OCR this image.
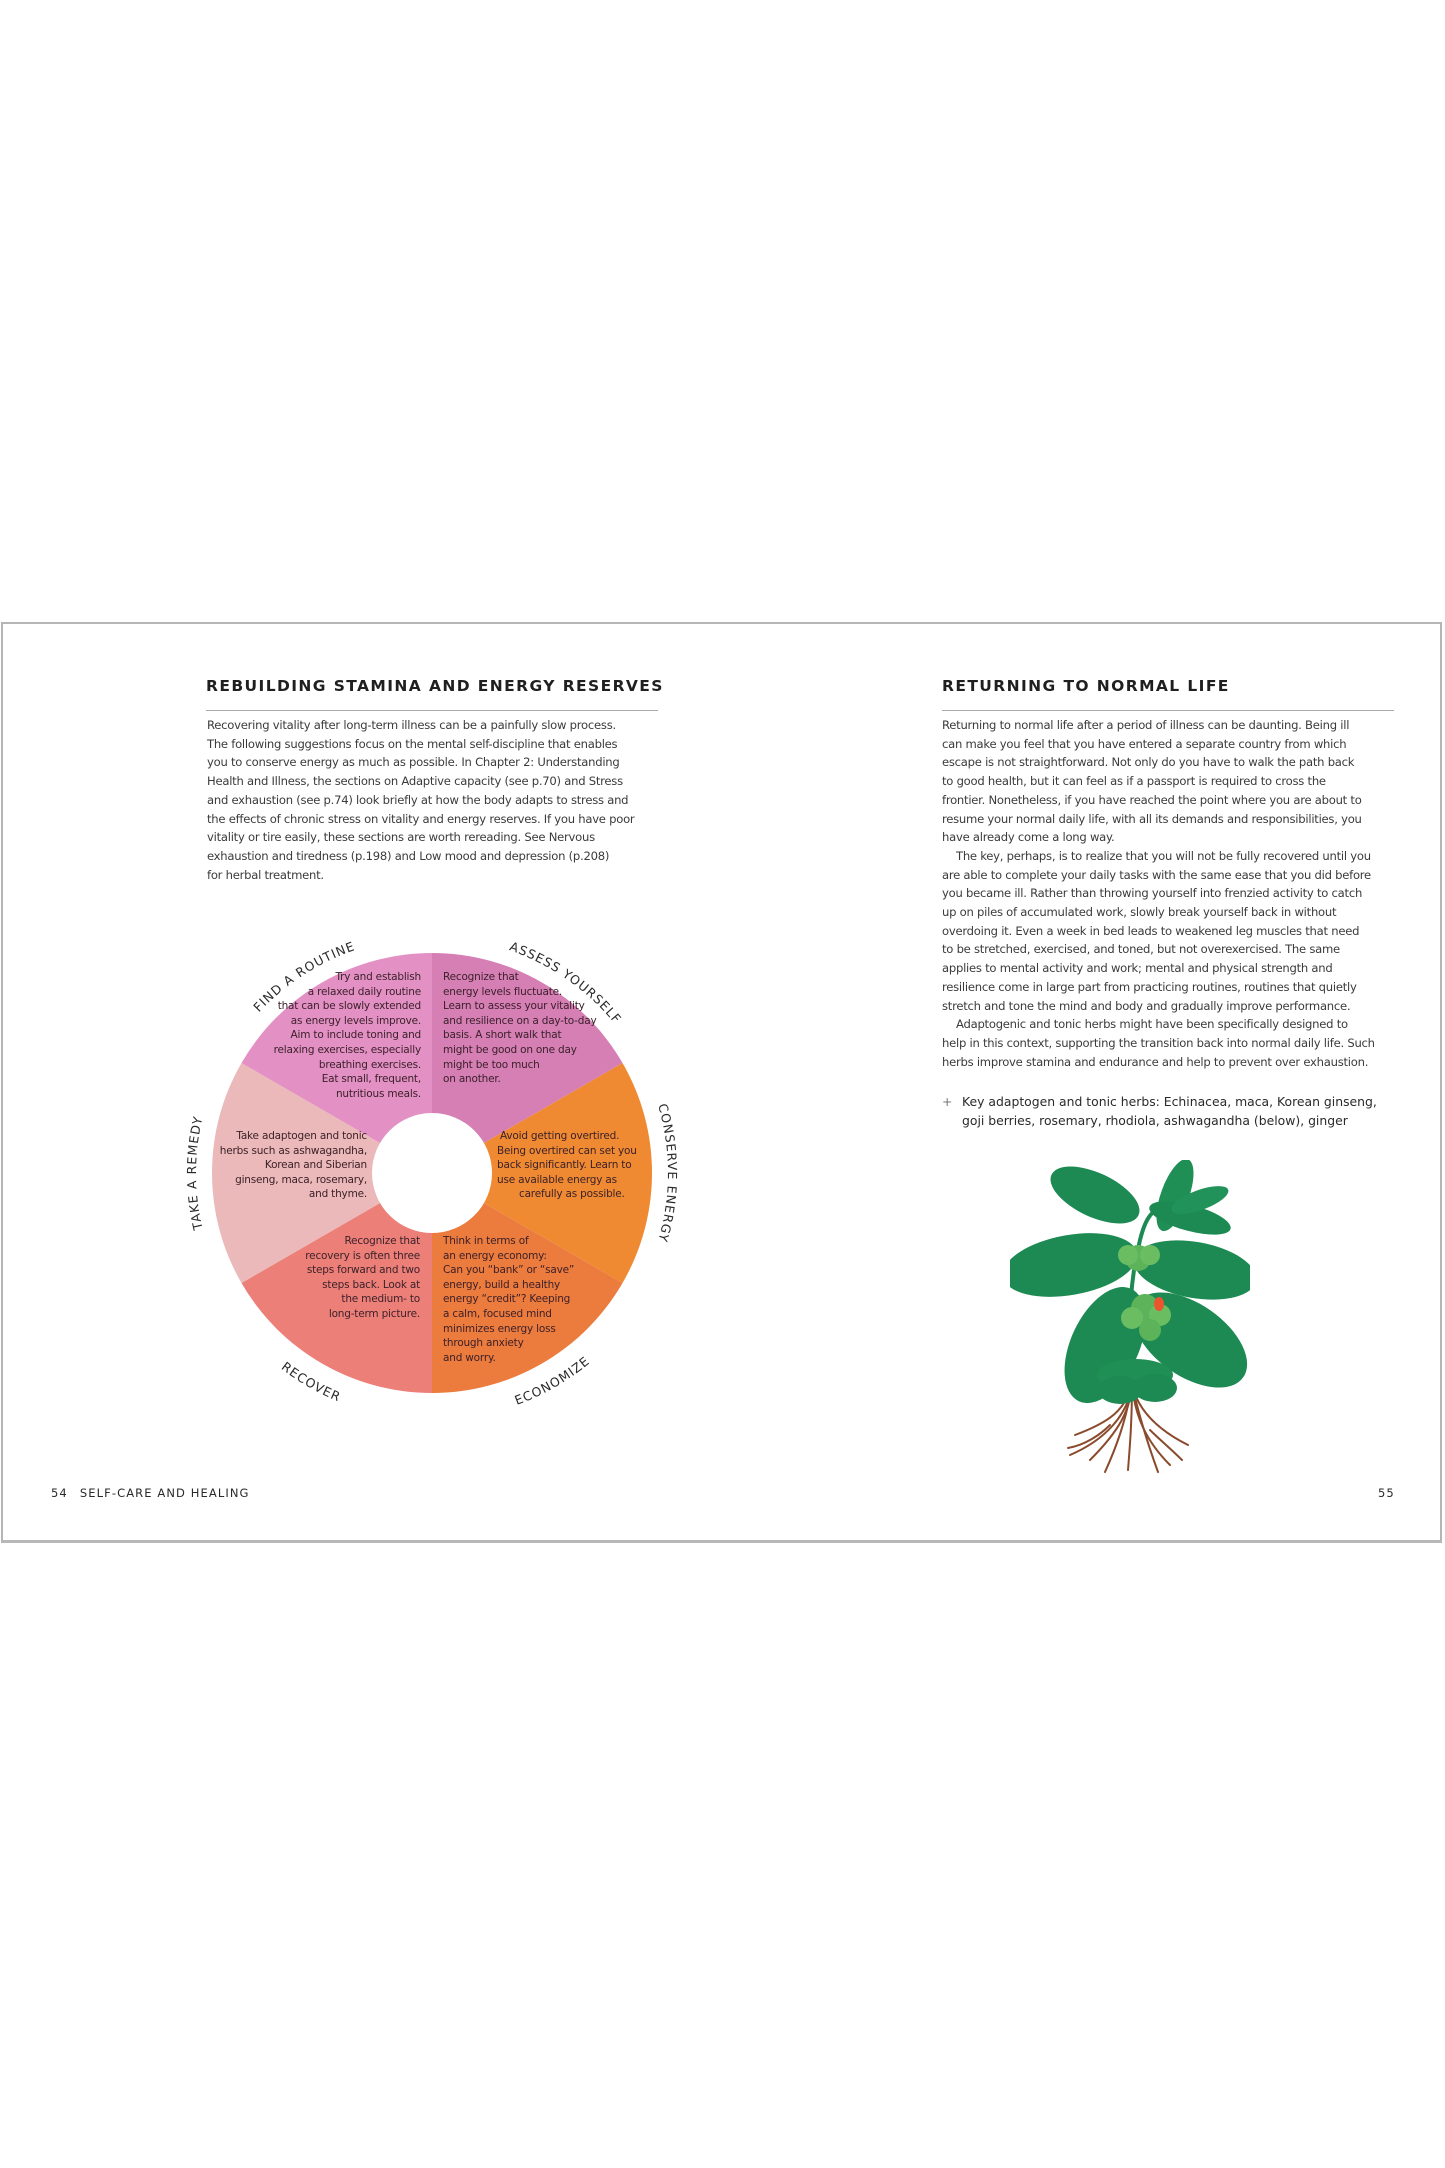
REBUILDING STAMINA AND ENERGY RESERVES

Recovering vitality after long-term illness can be a painfully slow process.

The following suggestions focus on the mental self-discipline that enables

you to conserve energy as much as possible. In Chapter 2: Understanding

Health and Illness, the sections on Adaptive capacity (see p.70) and Stress

and exhaustion (see p.74) look briefly at how the body adapts to stress and

the effects of chronic stress on vitality and energy reserves. If you have poor

vitality or tire easily, these sections are worth rereading. See Nervous

exhaustion and tiredness (p.198) and Low mood and depression (p.208)

for herbal treatment.

ASSESS YOURSELF
CONSERVE ENERGY
ECONOMIZE
RECOVER
TAKE A REMEDY
FIND A ROUTINE
Recognize that
energy levels fluctuate.
Learn to assess your vitality
and resilience on a day-to-day
basis. A short walk that
might be good on one day
might be too much
on another.
Avoid getting overtired.
Being overtired can set you
back significantly. Learn to
use available energy as
carefully as possible.
Think in terms of
an energy economy:
Can you “bank” or “save”
energy, build a healthy
energy “credit”? Keeping
a calm, focused mind
minimizes energy loss
through anxiety
and worry.
Recognize that
recovery is often three
steps forward and two
steps back. Look at
the medium- to
long-term picture.
Take adaptogen and tonic
herbs such as ashwagandha,
Korean and Siberian
ginseng, maca, rosemary,
and thyme.
Try and establish
a relaxed daily routine
that can be slowly extended
as energy levels improve.
Aim to include toning and
relaxing exercises, especially
breathing exercises.
Eat small, frequent,
nutritious meals.
54 SELF-CARE AND HEALING
RETURNING TO NORMAL LIFE

Returning to normal life after a period of illness can be daunting. Being ill

can make you feel that you have entered a separate country from which

escape is not straightforward. Not only do you have to walk the path back

to good health, but it can feel as if a passport is required to cross the

frontier. Nonetheless, if you have reached the point where you are about to

resume your normal daily life, with all its demands and responsibilities, you

have already come a long way.

The key, perhaps, is to realize that you will not be fully recovered until you

are able to complete your daily tasks with the same ease that you did before

you became ill. Rather than throwing yourself into frenzied activity to catch

up on piles of accumulated work, slowly break yourself back in without

overdoing it. Even a week in bed leads to weakened leg muscles that need

to be stretched, exercised, and toned, but not overexercised. The same

applies to mental activity and work; mental and physical strength and

resilience come in large part from practicing routines, routines that quietly

stretch and tone the mind and body and gradually improve performance.

Adaptogenic and tonic herbs might have been specifically designed to

help in this context, supporting the transition back into normal daily life. Such

herbs improve stamina and endurance and help to prevent over exhaustion.

+ Key adaptogen and tonic herbs: Echinacea, maca, Korean ginseng,
goji berries, rosemary, rhodiola, ashwagandha (below), ginger
55
